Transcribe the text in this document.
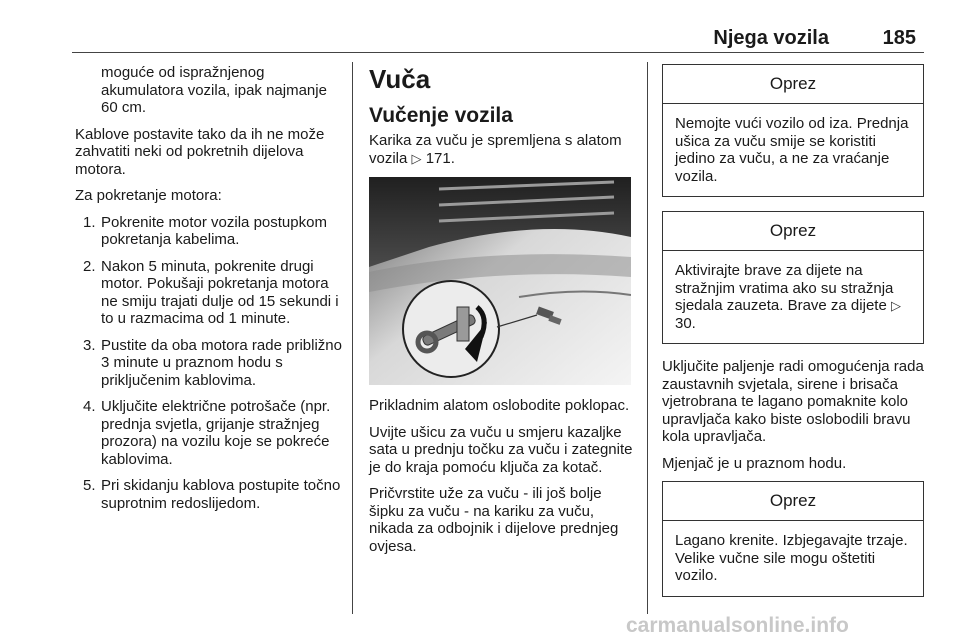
Njega vozila	185

moguće od ispražnjenog akumulatora vozila, ipak najmanje 60 cm.

Kablove postavite tako da ih ne može zahvatiti neki od pokretnih dijelova motora.

Za pokretanje motora:

1. Pokrenite motor vozila postupkom pokretanja kabelima.
2. Nakon 5 minuta, pokrenite drugi motor. Pokušaji pokretanja motora ne smiju trajati dulje od 15 sekundi i to u razmacima od 1 minute.
3. Pustite da oba motora rade približno 3 minute u praznom hodu s priključenim kablovima.
4. Uključite električne potrošače (npr. prednja svjetla, grijanje stražnjeg prozora) na vozilu koje se pokreće kablovima.
5. Pri skidanju kablova postupite točno suprotnim redoslijedom.
Vuča
Vučenje vozila

Karika za vuču je spremljena s alatom vozila ▷ 171.

Prikladnim alatom oslobodite poklopac.

Uvijte ušicu za vuču u smjeru kazaljke sata u prednju točku za vuču i zategnite je do kraja pomoću ključa za kotač.

Pričvrstite uže za vuču - ili još bolje šipku za vuču - na kariku za vuču, nikada za odbojnik i dijelove prednjeg ovjesa.

Oprez
Nemojte vući vozilo od iza. Prednja ušica za vuču smije se koristiti jedino za vuču, a ne za vraćanje vozila.
Oprez
Aktivirajte brave za dijete na stražnjim vratima ako su stražnja sjedala zauzeta. Brave za dijete ▷ 30.

Uključite paljenje radi omogućenja rada zaustavnih svjetala, sirene i brisača vjetrobrana te lagano pomaknite kolo upravljača kako biste oslobodili bravu kola upravljača.

Mjenjač je u praznom hodu.

Oprez
Lagano krenite. Izbjegavajte trzaje. Velike vučne sile mogu oštetiti vozilo.
carmanualsonline.info
